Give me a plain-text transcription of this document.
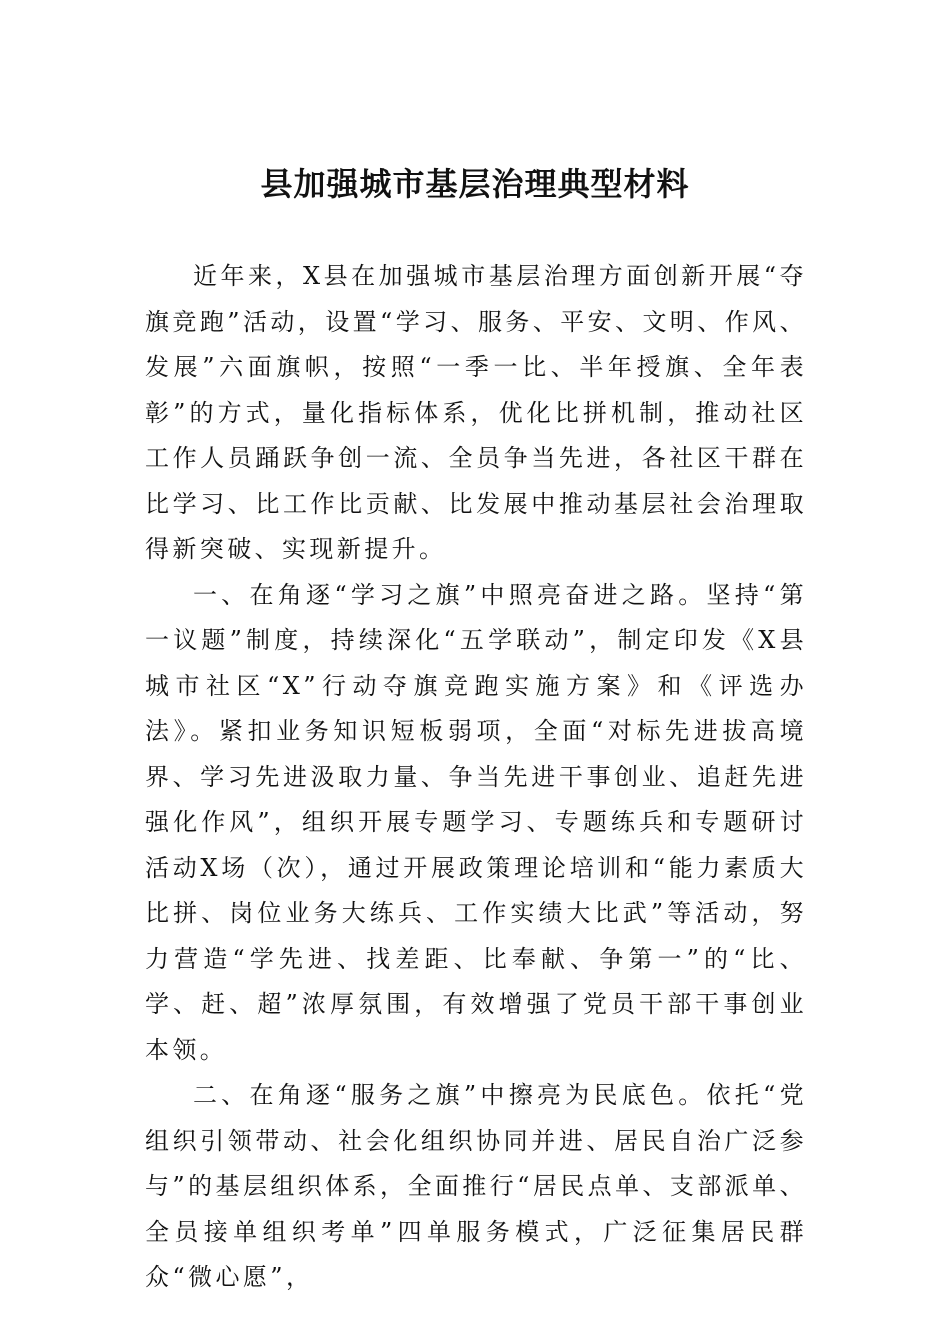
县加强城市基层治理典型材料

近年来，X县在加强城市基层治理方面创新开展“夺旗竞跑”活动，设置“学习、服务、平安、文明、作风、发展”六面旗帜，按照“一季一比、半年授旗、全年表彰”的方式，量化指标体系，优化比拼机制，推动社区工作人员踊跃争创一流、全员争当先进，各社区干群在比学习、比工作比贡献、比发展中推动基层社会治理取得新突破、实现新提升。

一、在角逐“学习之旗”中照亮奋进之路。坚持“第一议题”制度，持续深化“五学联动”，制定印发《X县城市社区“X”行动夺旗竞跑实施方案》和《评选办法》。紧扣业务知识短板弱项，全面“对标先进拔高境界、学习先进汲取力量、争当先进干事创业、追赶先进强化作风”，组织开展专题学习、专题练兵和专题研讨活动X场（次），通过开展政策理论培训和“能力素质大比拼、岗位业务大练兵、工作实绩大比武”等活动，努力营造“学先进、找差距、比奉献、争第一”的“比、学、赶、超”浓厚氛围，有效增强了党员干部干事创业本领。

二、在角逐“服务之旗”中擦亮为民底色。依托“党组织引领带动、社会化组织协同并进、居民自治广泛参与”的基层组织体系，全面推行“居民点单、支部派单、全员接单组织考单”四单服务模式，广泛征集居民群众“微心愿”，
